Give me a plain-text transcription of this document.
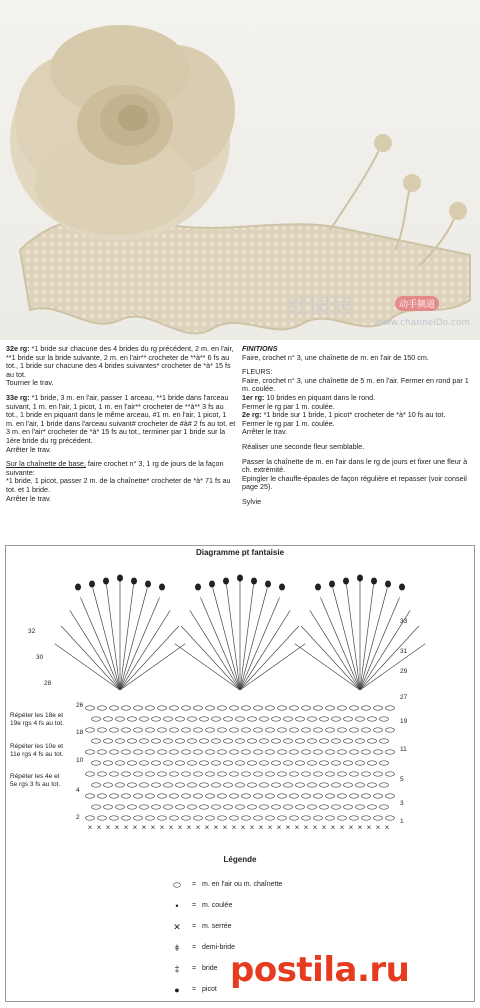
红园居	动手频道
www.channelDo.com

32e rg: *1 bride sur chacune des 4 brides du rg précédent, 2 m. en l'air, **1 bride sur la bride suivante, 2 m. en l'air** crocheter de **à** 6 fs au tot., 1 bride sur chacune des 4 brides suivantes* crocheter de *à* 15 fs au tot.
Tourner le trav.

33e rg: *1 bride, 3 m. en l'air, passer 1 arceau, **1 bride dans l'arceau suivant, 1 m. en l'air, 1 picot, 1 m. en l'air** crocheter de **à** 3 fs au tot., 1 bride en piquant dans le même arceau, #1 m. en l'air, 1 picot, 1 m. en l'air, 1 bride dans l'arceau suivant# crocheter de #à# 2 fs au tot. et 3 m. en l'air* crocheter de *à* 15 fs au tot., terminer par 1 bride sur la 1ère bride du rg précédent.
Arrêter le trav.

Sur la chaînette de base, faire crochet n° 3, 1 rg de jours de la façon suivante:
*1 bride, 1 picot, passer 2 m. de la chaînette* crocheter de *à* 71 fs au tot. et 1 bride.
Arrêter le trav.

FINITIONS
Faire, crochet n° 3, une chaînette de m. en l'air de 150 cm.

FLEURS:
Faire, crochet n° 3, une chaînette de 5 m. en l'air. Fermer en rond par 1 m. coulée.

1er rg: 10 brides en piquant dans le rond.
Fermer le rg par 1 m. coulée.

2e rg: *1 bride sur 1 bride, 1 picot* crocheter de *à* 10 fs au tot.
Fermer le rg par 1 m. coulée.
Arrêter le trav.

Réaliser une seconde fleur semblable.

Passer la chaînette de m. en l'air dans le rg de jours et fixer une fleur à ch. extrémité.
Epingler le chauffe-épaules de façon régulière et repasser (voir conseil page 25).

Sylvie

Diagramme pt fantaisie
× × × × × × × × × × × × × × × × × × × × × × × × × × × × × × × × × ×
Répéter les 18e et
19e rgs 4 fs au tot.
Répéter les 10e et
11e rgs 4 fs au tot.
Répéter les 4e et
5e rgs 3 fs au tot.
33
31
29
27
19
11
5
3
1
32
30
28
26
18
10
4
2
Légende
⬭	= m. en l'air ou m. chaînette
•	= m. coulée
✕	= m. serrée
ǂ	= demi-bride
‡	= bride
●	= picot postila.ru
